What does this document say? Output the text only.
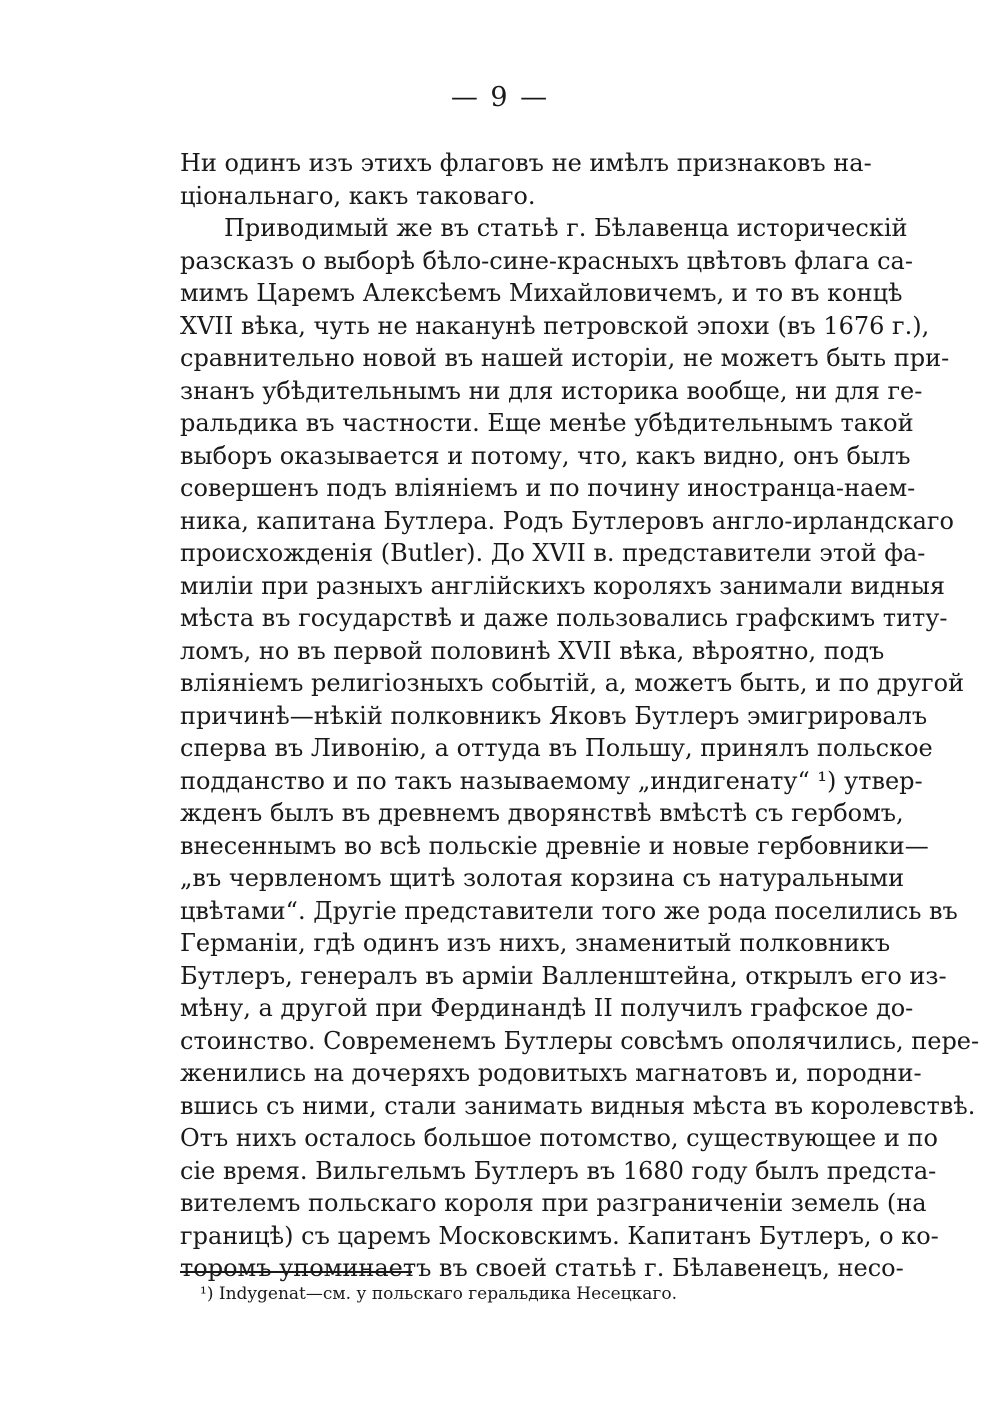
— 9 —
Ни одинъ изъ этихъ флаговъ не имѣлъ признаковъ на-
ціональнаго, какъ таковаго.
Приводимый же въ статьѣ г. Бѣлавенца историческій
разсказъ о выборѣ бѣло-сине-красныхъ цвѣтовъ флага са-
мимъ Царемъ Алексѣемъ Михайловичемъ, и то въ концѣ
XVII вѣка, чуть не наканунѣ петровской эпохи (въ 1676 г.),
сравнительно новой въ нашей исторіи, не можетъ быть при-
знанъ убѣдительнымъ ни для историка вообще, ни для ге-
ральдика въ частности. Еще менѣе убѣдительнымъ такой
выборъ оказывается и потому, что, какъ видно, онъ былъ
совершенъ подъ вліяніемъ и по почину иностранца-наем-
ника, капитана Бутлера. Родъ Бутлеровъ англо-ирландскаго
происхожденія (Butler). До XVII в. представители этой фа-
миліи при разныхъ англійскихъ короляхъ занимали видныя
мѣста въ государствѣ и даже пользовались графскимъ титу-
ломъ, но въ первой половинѣ XVII вѣка, вѣроятно, подъ
вліяніемъ религіозныхъ событій, а, можетъ быть, и по другой
причинѣ—нѣкій полковникъ Яковъ Бутлеръ эмигрировалъ
сперва въ Ливонію, а оттуда въ Польшу, принялъ польское
подданство и по такъ называемому „индигенату“ ¹) утвер-
жденъ былъ въ древнемъ дворянствѣ вмѣстѣ съ гербомъ,
внесеннымъ во всѣ польскіе древніе и новые гербовники—
„въ червленомъ щитѣ золотая корзина съ натуральными
цвѣтами“. Другіе представители того же рода поселились въ
Германіи, гдѣ одинъ изъ нихъ, знаменитый полковникъ
Бутлеръ, генералъ въ арміи Валленштейна, открылъ его из-
мѣну, а другой при Фердинандѣ II получилъ графское до-
стоинство. Современемъ Бутлеры совсѣмъ ополячились, пере-
женились на дочеряхъ родовитыхъ магнатовъ и, породни-
вшись съ ними, стали занимать видныя мѣста въ королевствѣ.
Отъ нихъ осталось большое потомство, существующее и по
сіе время. Вильгельмъ Бутлеръ въ 1680 году былъ предста-
вителемъ польскаго короля при разграниченіи земель (на
границѣ) съ царемъ Московскимъ. Капитанъ Бутлеръ, о ко-
торомъ упоминаетъ въ своей статьѣ г. Бѣлавенецъ, несо-
¹) Indygenat—см. у польскаго геральдика Несецкаго.
